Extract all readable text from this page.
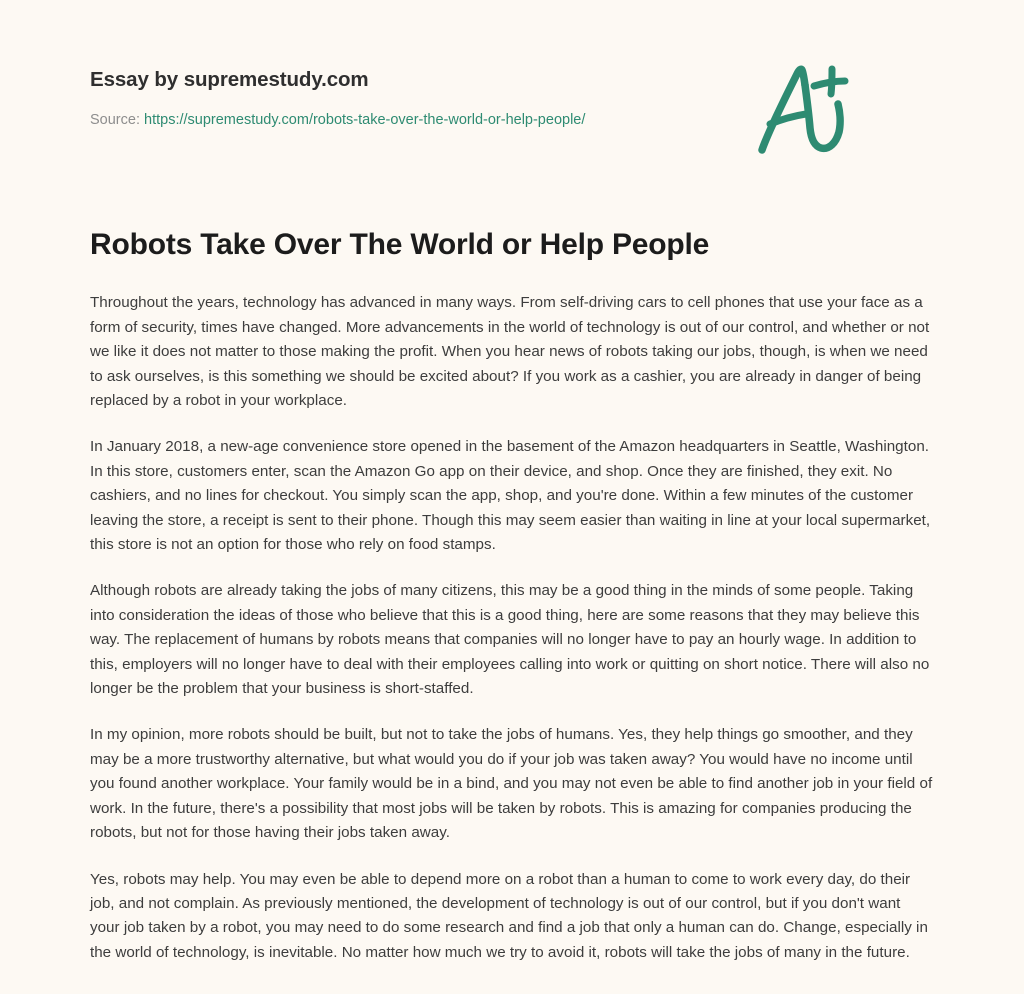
Essay by supremestudy.com
Source: https://supremestudy.com/robots-take-over-the-world-or-help-people/
Robots Take Over The World or Help People

Throughout the years, technology has advanced in many ways. From self-driving cars to cell phones that use your face as a form of security, times have changed. More advancements in the world of technology is out of our control, and whether or not we like it does not matter to those making the profit. When you hear news of robots taking our jobs, though, is when we need to ask ourselves, is this something we should be excited about? If you work as a cashier, you are already in danger of being replaced by a robot in your workplace.

In January 2018, a new-age convenience store opened in the basement of the Amazon headquarters in Seattle, Washington. In this store, customers enter, scan the Amazon Go app on their device, and shop. Once they are finished, they exit. No cashiers, and no lines for checkout. You simply scan the app, shop, and you're done. Within a few minutes of the customer leaving the store, a receipt is sent to their phone. Though this may seem easier than waiting in line at your local supermarket, this store is not an option for those who rely on food stamps.

Although robots are already taking the jobs of many citizens, this may be a good thing in the minds of some people. Taking into consideration the ideas of those who believe that this is a good thing, here are some reasons that they may believe this way. The replacement of humans by robots means that companies will no longer have to pay an hourly wage. In addition to this, employers will no longer have to deal with their employees calling into work or quitting on short notice. There will also no longer be the problem that your business is short-staffed.

In my opinion, more robots should be built, but not to take the jobs of humans. Yes, they help things go smoother, and they may be a more trustworthy alternative, but what would you do if your job was taken away? You would have no income until you found another workplace. Your family would be in a bind, and you may not even be able to find another job in your field of work. In the future, there's a possibility that most jobs will be taken by robots. This is amazing for companies producing the robots, but not for those having their jobs taken away.

Yes, robots may help. You may even be able to depend more on a robot than a human to come to work every day, do their job, and not complain. As previously mentioned, the development of technology is out of our control, but if you don't want your job taken by a robot, you may need to do some research and find a job that only a human can do. Change, especially in the world of technology, is inevitable. No matter how much we try to avoid it, robots will take the jobs of many in the future.
